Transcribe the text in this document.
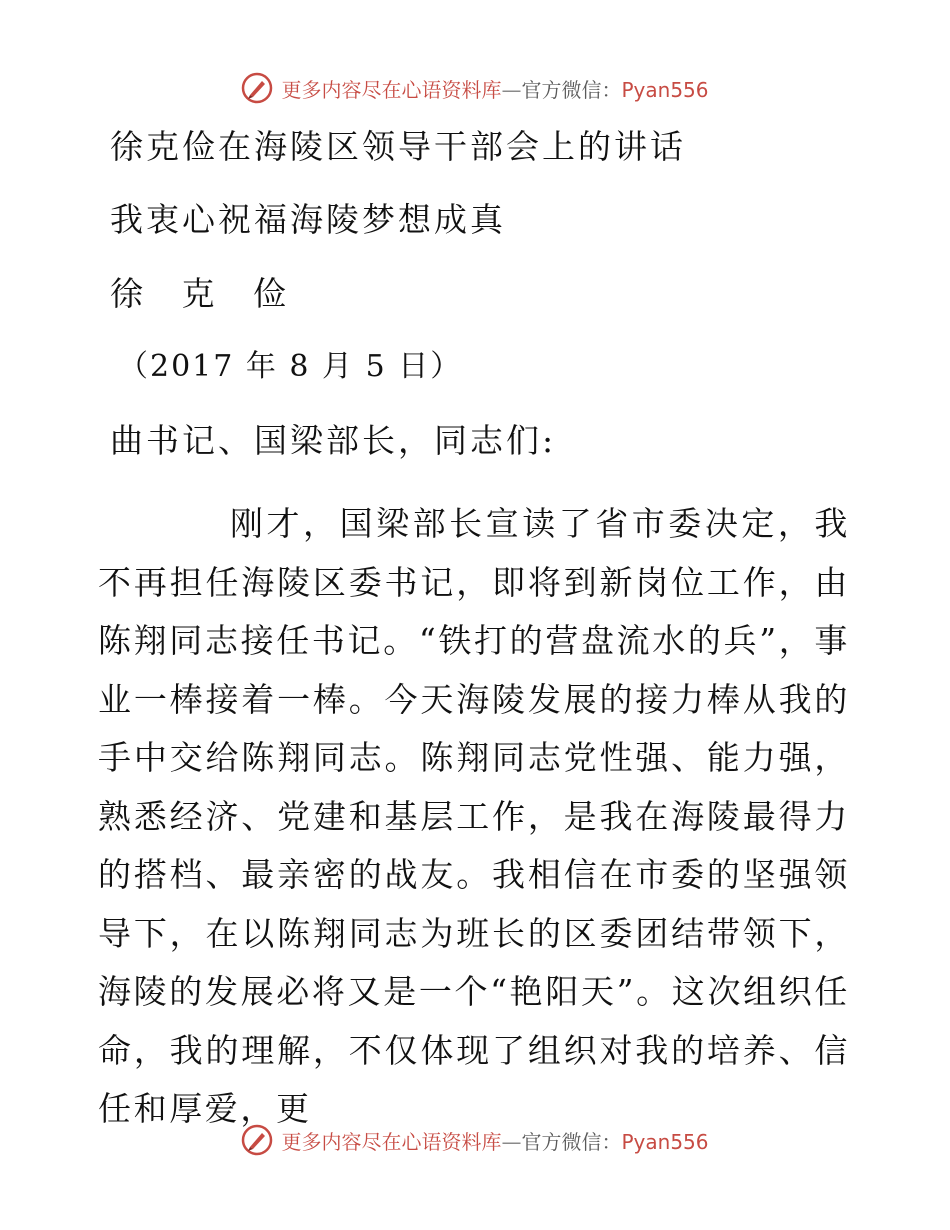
更多内容尽在心语资料库—官方微信：Pyan556
徐克俭在海陵区领导干部会上的讲话
我衷心祝福海陵梦想成真
徐 克 俭
（2017 年 8 月 5 日）
曲书记、国梁部长，同志们:

刚才，国梁部长宣读了省市委决定，我不再担任海陵区委书记，即将到新岗位工作，由陈翔同志接任书记。“铁打的营盘流水的兵”，事业一棒接着一棒。今天海陵发展的接力棒从我的手中交给陈翔同志。陈翔同志党性强、能力强，熟悉经济、党建和基层工作，是我在海陵最得力的搭档、最亲密的战友。我相信在市委的坚强领导下，在以陈翔同志为班长的区委团结带领下，海陵的发展必将又是一个“艳阳天”。这次组织任命，我的理解，不仅体现了组织对我的培养、信任和厚爱，更

更多内容尽在心语资料库—官方微信：Pyan556
